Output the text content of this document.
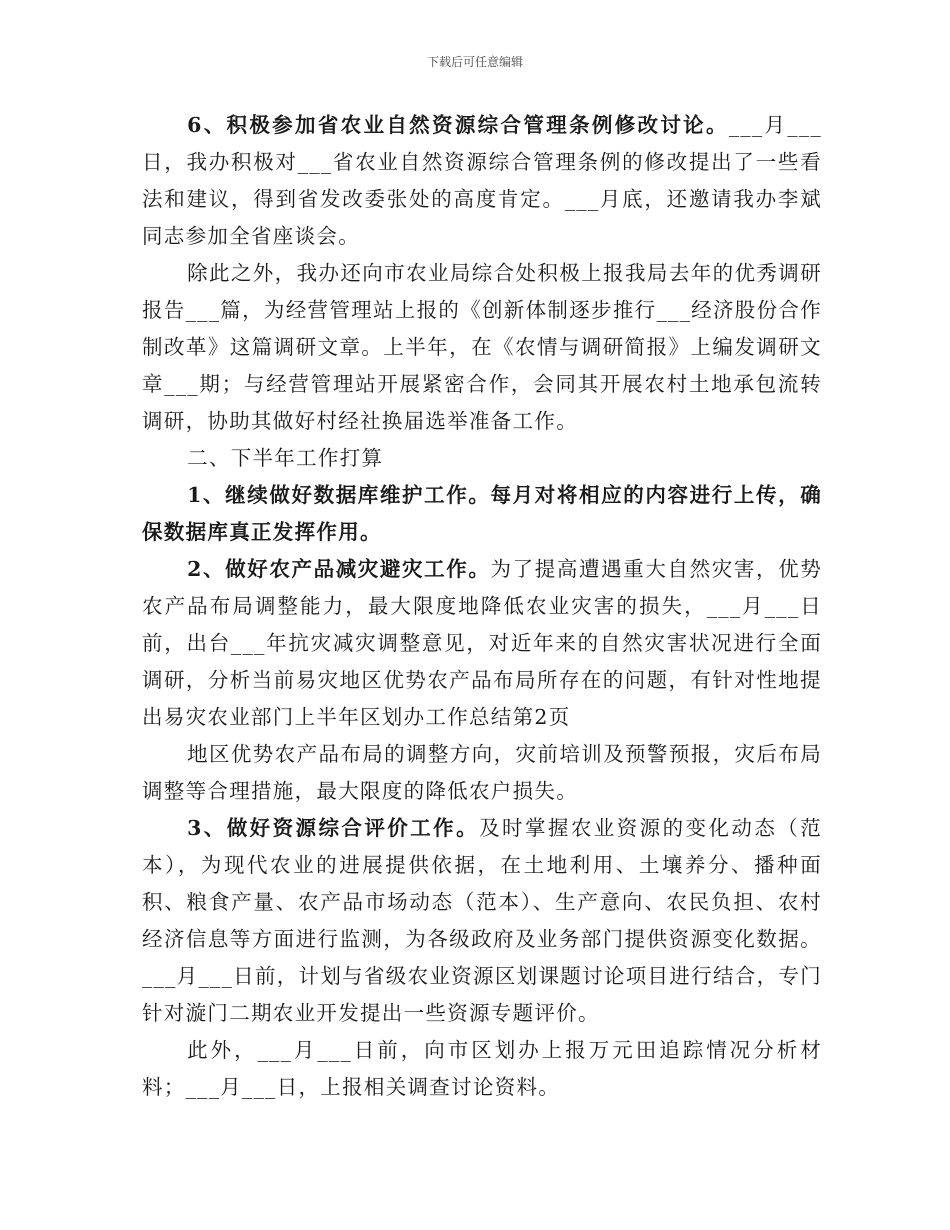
下载后可任意编辑

6、积极参加省农业自然资源综合管理条例修改讨论。___月___日，我办积极对___省农业自然资源综合管理条例的修改提出了一些看法和建议，得到省发改委张处的高度肯定。___月底，还邀请我办李斌同志参加全省座谈会。

除此之外，我办还向市农业局综合处积极上报我局去年的优秀调研报告___篇，为经营管理站上报的《创新体制逐步推行___经济股份合作制改革》这篇调研文章。上半年，在《农情与调研简报》上编发调研文章___期；与经营管理站开展紧密合作，会同其开展农村土地承包流转调研，协助其做好村经社换届选举准备工作。

二、下半年工作打算

1、继续做好数据库维护工作。每月对将相应的内容进行上传，确保数据库真正发挥作用。

2、做好农产品减灾避灾工作。为了提高遭遇重大自然灾害，优势农产品布局调整能力，最大限度地降低农业灾害的损失，___月___日前，出台___年抗灾减灾调整意见，对近年来的自然灾害状况进行全面调研，分析当前易灾地区优势农产品布局所存在的问题，有针对性地提出易灾农业部门上半年区划办工作总结第2页

地区优势农产品布局的调整方向，灾前培训及预警预报，灾后布局调整等合理措施，最大限度的降低农户损失。

3、做好资源综合评价工作。及时掌握农业资源的变化动态（范本），为现代农业的进展提供依据，在土地利用、土壤养分、播种面积、粮食产量、农产品市场动态（范本）、生产意向、农民负担、农村经济信息等方面进行监测，为各级政府及业务部门提供资源变化数据。___月___日前，计划与省级农业资源区划课题讨论项目进行结合，专门针对漩门二期农业开发提出一些资源专题评价。

此外，___月___日前，向市区划办上报万元田追踪情况分析材料；___月___日，上报相关调查讨论资料。
